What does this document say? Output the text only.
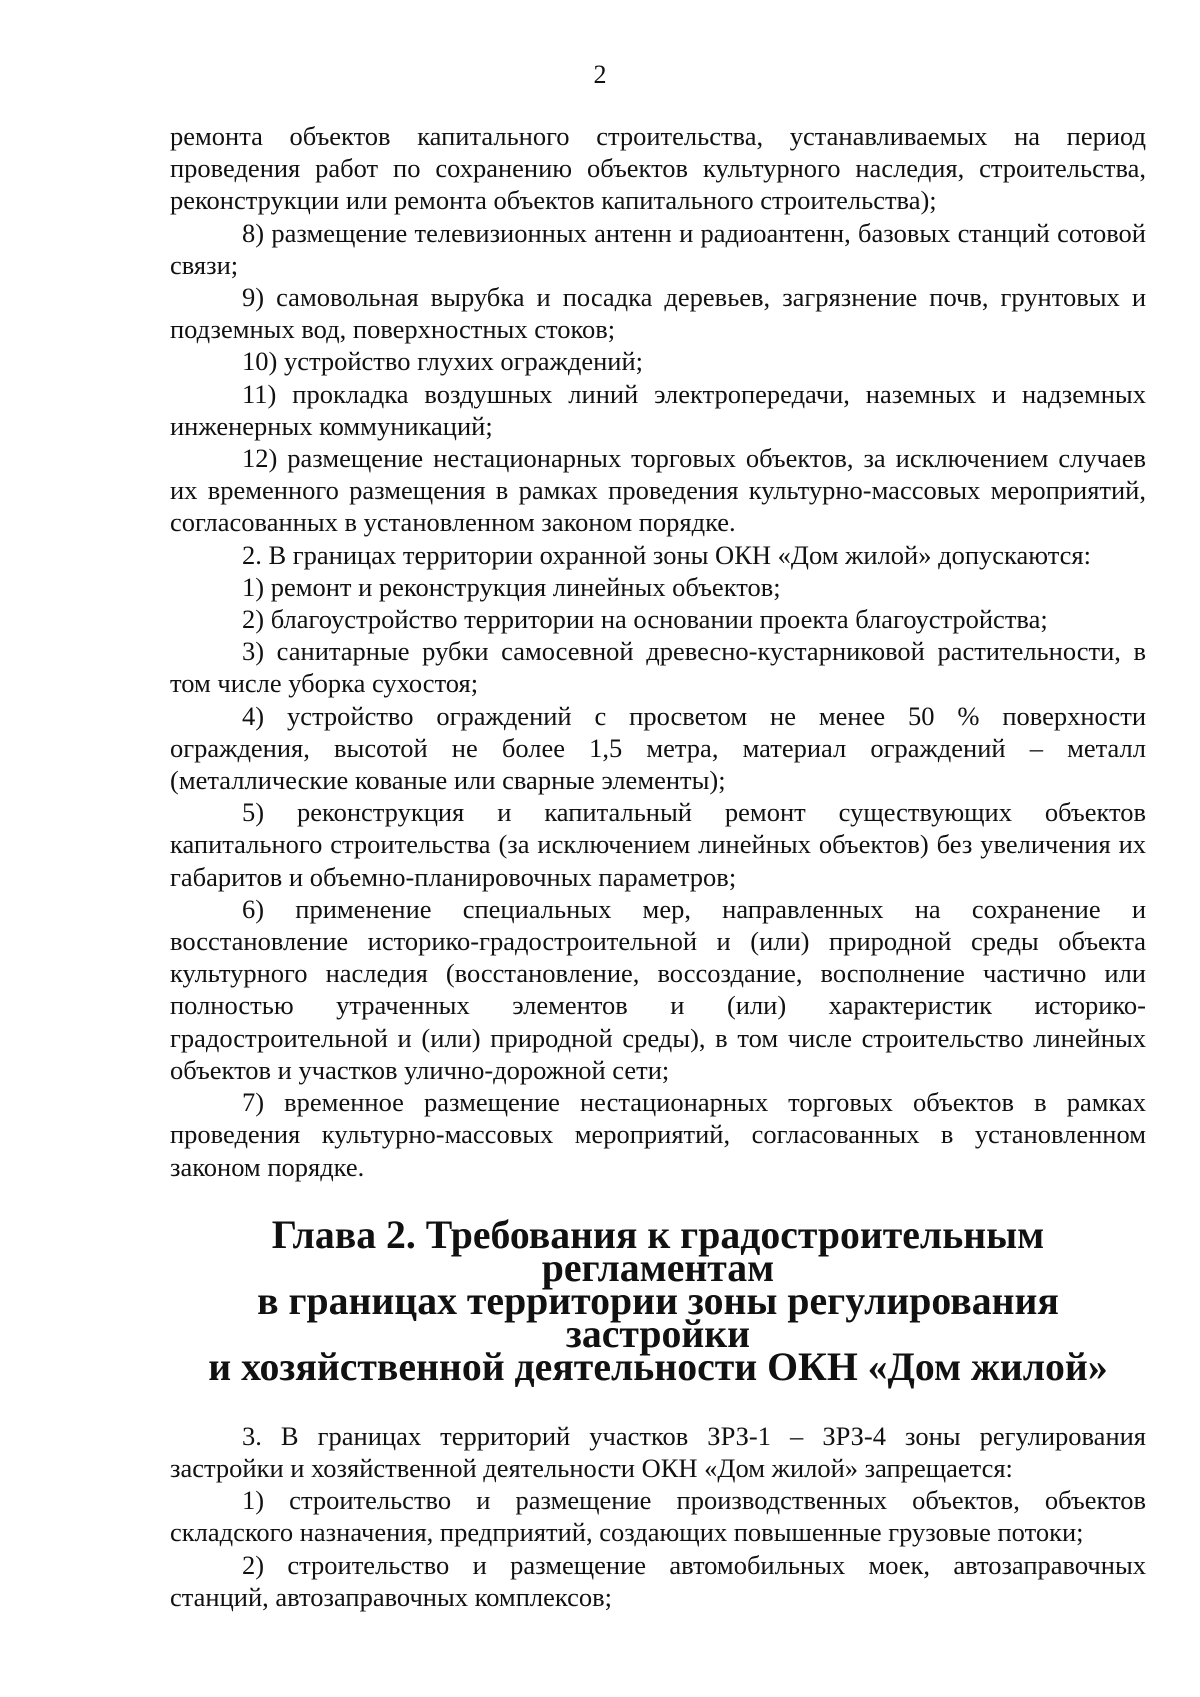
2

ремонта объектов капитального строительства, устанавливаемых на период проведения работ по сохранению объектов культурного наследия, строительства, реконструкции или ремонта объектов капитального строительства);

8) размещение телевизионных антенн и радиоантенн, базовых станций сотовой связи;

9) самовольная вырубка и посадка деревьев, загрязнение почв, грунтовых и подземных вод, поверхностных стоков;

10) устройство глухих ограждений;

11) прокладка воздушных линий электропередачи, наземных и надземных инженерных коммуникаций;

12) размещение нестационарных торговых объектов, за исключением случаев их временного размещения в рамках проведения культурно-массовых мероприятий, согласованных в установленном законом порядке.

2. В границах территории охранной зоны ОКН «Дом жилой» допускаются:

1) ремонт и реконструкция линейных объектов;

2) благоустройство территории на основании проекта благоустройства;

3) санитарные рубки самосевной древесно-кустарниковой растительности, в том числе уборка сухостоя;

4) устройство ограждений с просветом не менее 50 % поверхности ограждения, высотой не более 1,5 метра, материал ограждений – металл (металлические кованые или сварные элементы);

5) реконструкция и капитальный ремонт существующих объектов капитального строительства (за исключением линейных объектов) без увеличения их габаритов и объемно-планировочных параметров;

6) применение специальных мер, направленных на сохранение и восстановление историко-градостроительной и (или) природной среды объекта культурного наследия (восстановление, воссоздание, восполнение частично или полностью утраченных элементов и (или) характеристик историко-градостроительной и (или) природной среды), в том числе строительство линейных объектов и участков улично-дорожной сети;

7) временное размещение нестационарных торговых объектов в рамках проведения культурно-массовых мероприятий, согласованных в установленном законом порядке.

Глава 2. Требования к градостроительным регламентам
в границах территории зоны регулирования застройки
и хозяйственной деятельности ОКН «Дом жилой»

3. В границах территорий участков ЗРЗ-1 – ЗРЗ-4 зоны регулирования застройки и хозяйственной деятельности ОКН «Дом жилой» запрещается:

1) строительство и размещение производственных объектов, объектов складского назначения, предприятий, создающих повышенные грузовые потоки;

2) строительство и размещение автомобильных моек, автозаправочных станций, автозаправочных комплексов;
